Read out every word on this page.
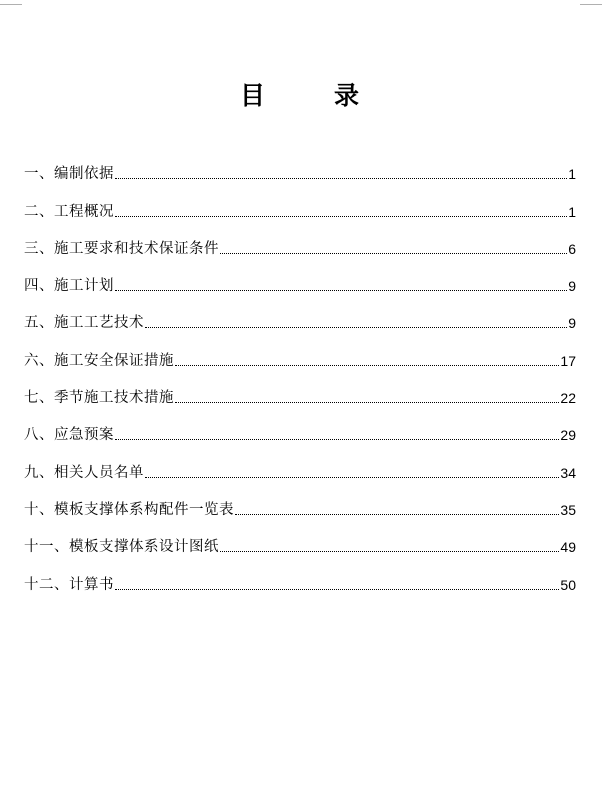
目	录
一、编制依据	1
二、工程概况	1
三、施工要求和技术保证条件	6
四、施工计划	9
五、施工工艺技术	9
六、施工安全保证措施	17
七、季节施工技术措施	22
八、应急预案	29
九、相关人员名单	34
十、模板支撑体系构配件一览表	35
十一、模板支撑体系设计图纸	49
十二、计算书	50
